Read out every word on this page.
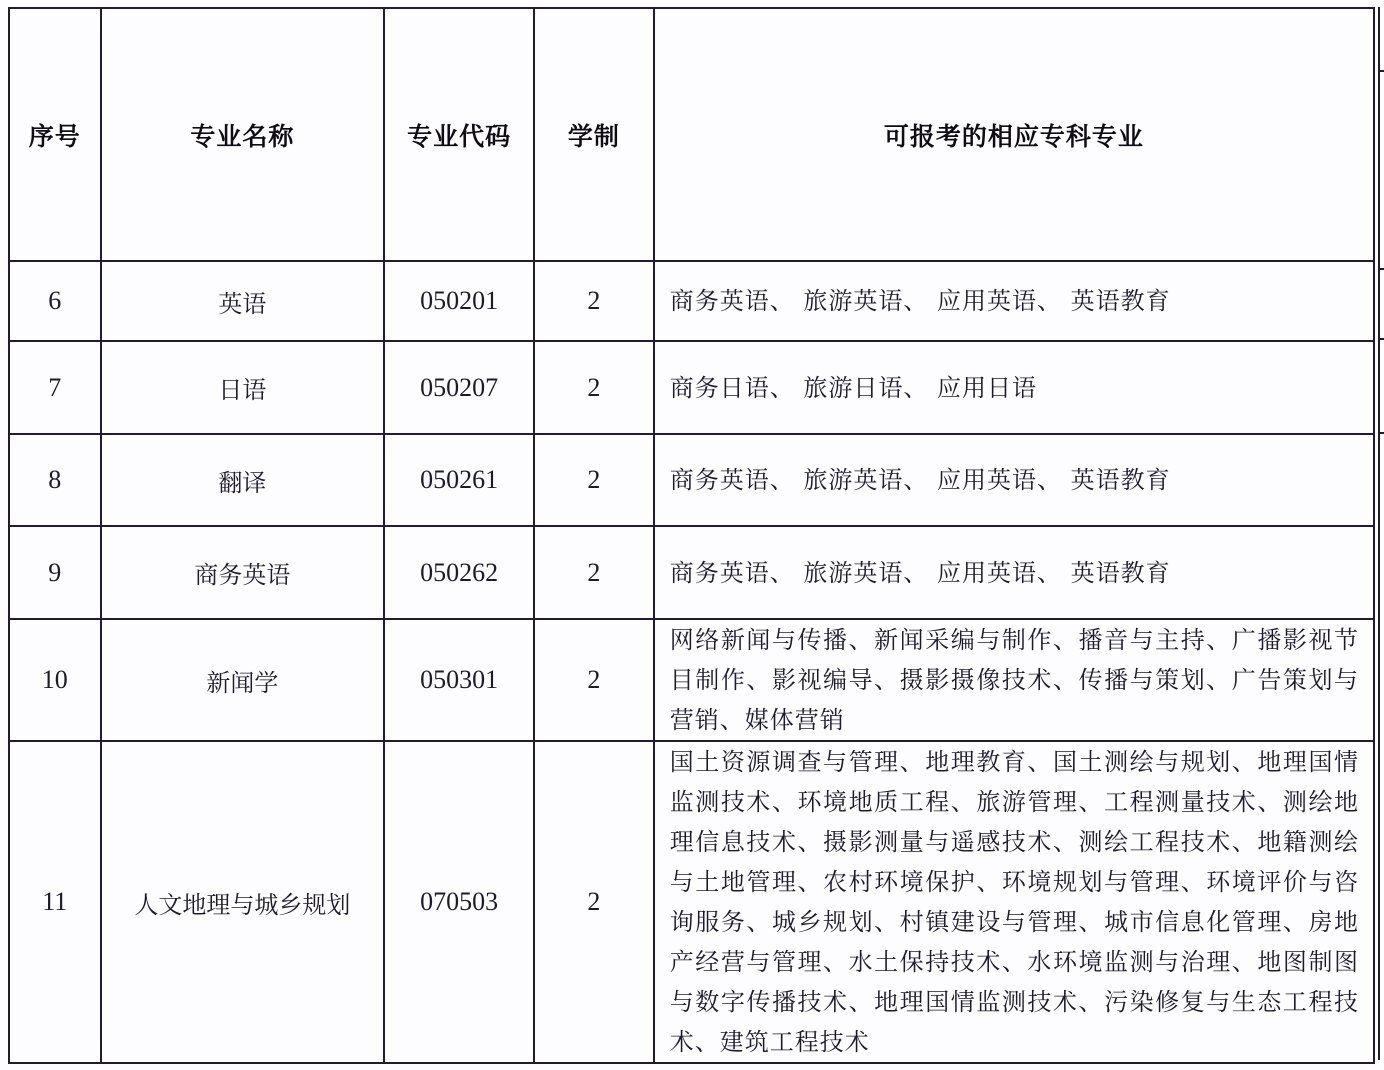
序号	专业名称	专业代码	学制	可报考的相应专科专业
6	英语	050201	2	商务英语、 旅游英语、 应用英语、 英语教育
7	日语	050207	2	商务日语、 旅游日语、 应用日语
8	翻译	050261	2	商务英语、 旅游英语、 应用英语、 英语教育
9	商务英语	050262	2	商务英语、 旅游英语、 应用英语、 英语教育
10	新闻学	050301	2	网络新闻与传播、新闻采编与制作、播音与主持、广播影视节目制作、影视编导、摄影摄像技术、传播与策划、广告策划与营销、媒体营销
11	人文地理与城乡规划	070503	2	国土资源调查与管理、地理教育、国土测绘与规划、地理国情监测技术、环境地质工程、旅游管理、工程测量技术、测绘地理信息技术、摄影测量与遥感技术、测绘工程技术、地籍测绘与土地管理、农村环境保护、环境规划与管理、环境评价与咨询服务、城乡规划、村镇建设与管理、城市信息化管理、房地产经营与管理、水土保持技术、水环境监测与治理、地图制图与数字传播技术、地理国情监测技术、污染修复与生态工程技术、建筑工程技术
